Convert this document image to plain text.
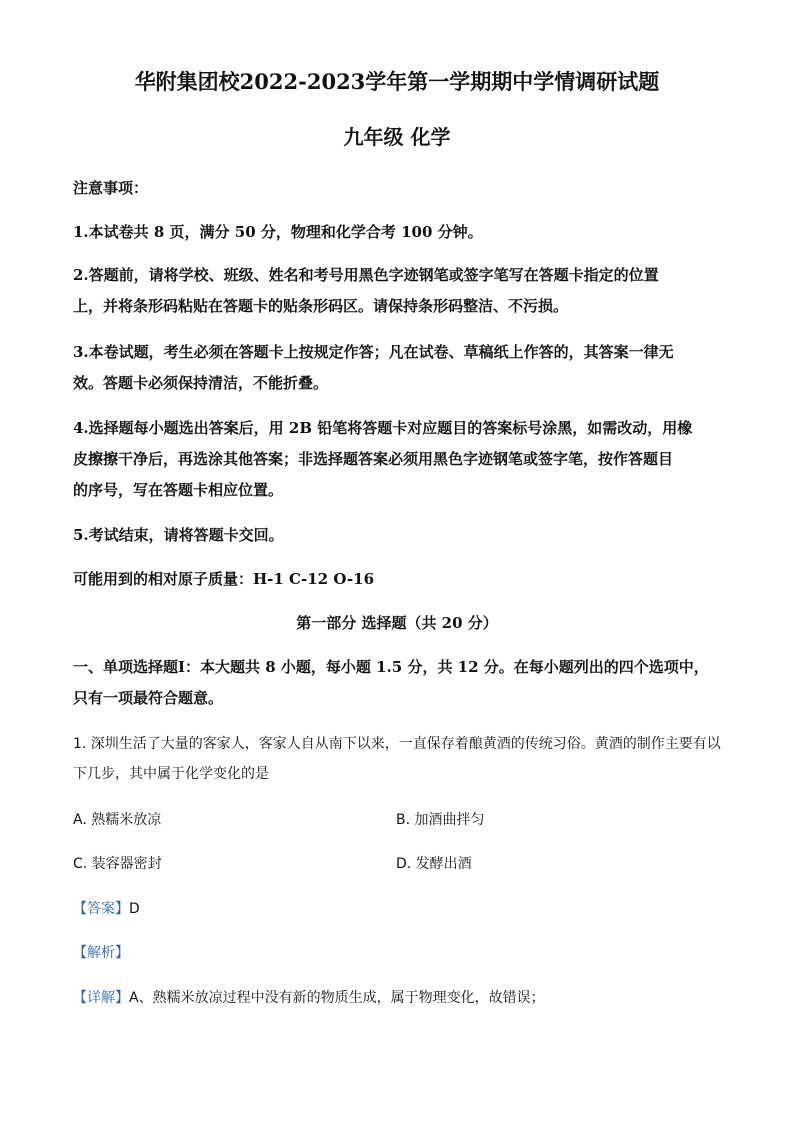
华附集团校2022-2023学年第一学期期中学情调研试题
九年级 化学
注意事项：
1.本试卷共 8 页，满分 50 分，物理和化学合考 100 分钟。
2.答题前，请将学校、班级、姓名和考号用黑色字迹钢笔或签字笔写在答题卡指定的位置
上，并将条形码粘贴在答题卡的贴条形码区。请保持条形码整洁、不污损。
3.本卷试题，考生必须在答题卡上按规定作答；凡在试卷、草稿纸上作答的，其答案一律无
效。答题卡必须保持清洁，不能折叠。
4.选择题每小题选出答案后，用 2B 铅笔将答题卡对应题目的答案标号涂黑，如需改动，用橡
皮擦擦干净后，再选涂其他答案；非选择题答案必须用黑色字迹钢笔或签字笔，按作答题目
的序号，写在答题卡相应位置。
5.考试结束，请将答题卡交回。
可能用到的相对原子质量：H-1 C-12 O-16
第一部分 选择题（共 20 分）
一、单项选择题Ⅰ：本大题共 8 小题，每小题 1.5 分，共 12 分。在每小题列出的四个选项中，
只有一项最符合题意。
1. 深圳生活了大量的客家人，客家人自从南下以来，一直保存着酿黄酒的传统习俗。黄酒的制作主要有以
下几步，其中属于化学变化的是
A. 熟糯米放凉	B. 加酒曲拌匀
C. 装容器密封	D. 发酵出酒
【答案】D
【解析】
【详解】A、熟糯米放凉过程中没有新的物质生成，属于物理变化，故错误；
